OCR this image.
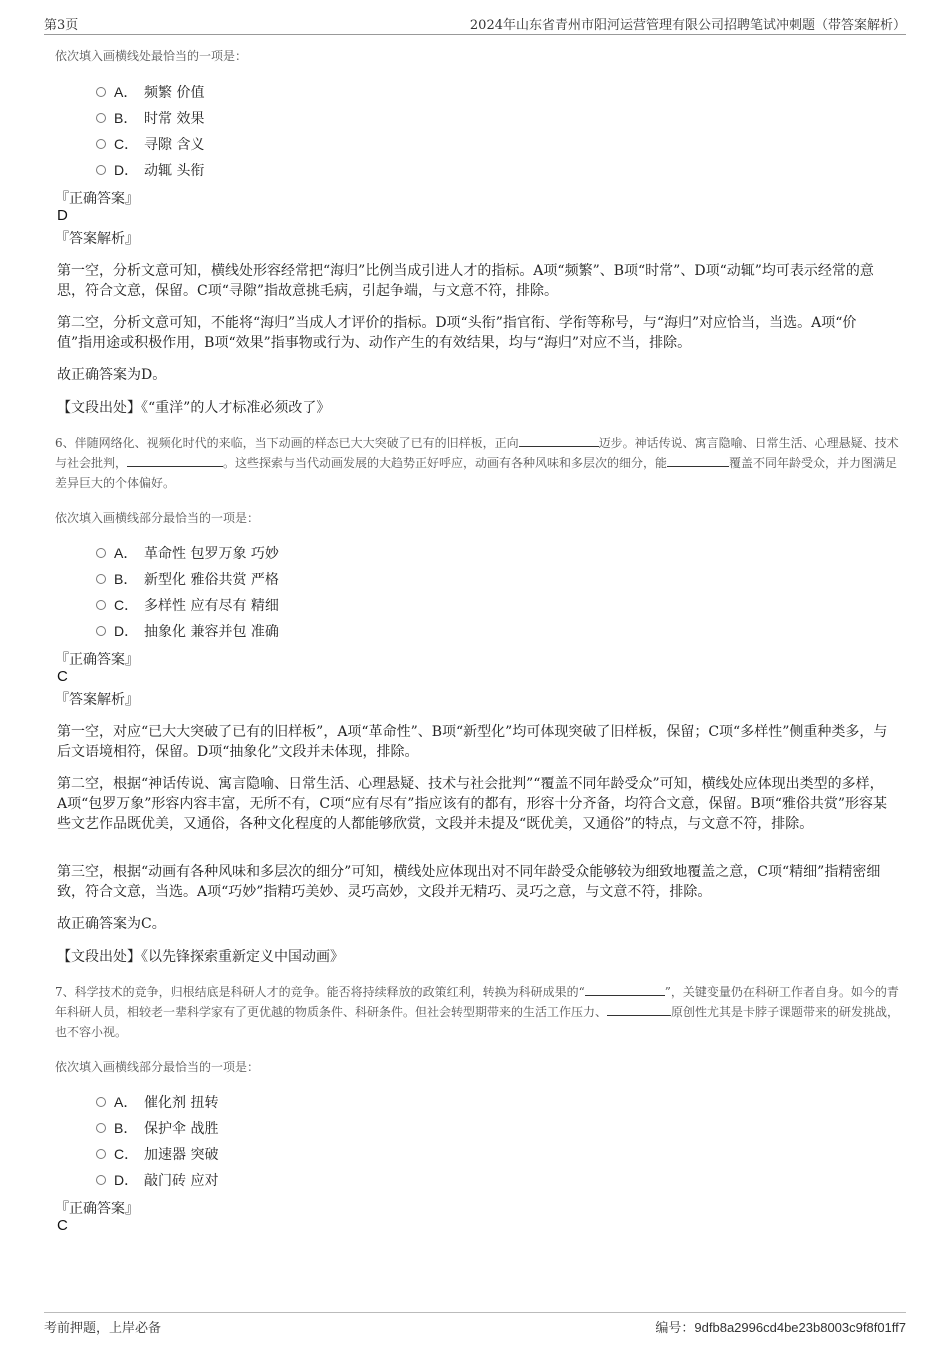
第3页	2024年山东省青州市阳河运营管理有限公司招聘笔试冲刺题（带答案解析）
依次填入画横线处最恰当的一项是：
A． 频繁 价值
B． 时常 效果
C． 寻隙 含义
D． 动辄 头衔
『正确答案』
D
『答案解析』
第一空，分析文意可知，横线处形容经常把“海归”比例当成引进人才的指标。A项“频繁”、B项“时常”、D项“动辄”均可表示经常的意思，符合文意，保留。C项“寻隙”指故意挑毛病，引起争端，与文意不符，排除。
第二空，分析文意可知，不能将“海归”当成人才评价的指标。D项“头衔”指官衔、学衔等称号，与“海归”对应恰当，当选。A项“价值”指用途或积极作用，B项“效果”指事物或行为、动作产生的有效结果，均与“海归”对应不当，排除。
故正确答案为D。
【文段出处】《“重洋”的人才标准必须改了》
6、伴随网络化、视频化时代的来临，当下动画的样态已大大突破了已有的旧样板，正向	迈步。神话传说、寓言隐喻、日常生活、心理悬疑、技术与社会批判，	。这些探索与当代动画发展的大趋势正好呼应，动画有各种风味和多层次的细分，能	覆盖不同年龄受众，并力图满足差异巨大的个体偏好。
依次填入画横线部分最恰当的一项是：
A． 革命性 包罗万象 巧妙
B． 新型化 雅俗共赏 严格
C． 多样性 应有尽有 精细
D． 抽象化 兼容并包 准确
『正确答案』
C
『答案解析』
第一空，对应“已大大突破了已有的旧样板”，A项“革命性”、B项“新型化”均可体现突破了旧样板，保留；C项“多样性”侧重种类多，与后文语境相符，保留。D项“抽象化”文段并未体现，排除。
第二空，根据“神话传说、寓言隐喻、日常生活、心理悬疑、技术与社会批判”“覆盖不同年龄受众”可知，横线处应体现出类型的多样，A项“包罗万象”形容内容丰富，无所不有，C项“应有尽有”指应该有的都有，形容十分齐备，均符合文意，保留。B项“雅俗共赏”形容某些文艺作品既优美，又通俗，各种文化程度的人都能够欣赏，文段并未提及“既优美，又通俗”的特点，与文意不符，排除。
第三空，根据“动画有各种风味和多层次的细分”可知，横线处应体现出对不同年龄受众能够较为细致地覆盖之意，C项“精细”指精密细致，符合文意，当选。A项“巧妙”指精巧美妙、灵巧高妙，文段并无精巧、灵巧之意，与文意不符，排除。
故正确答案为C。
【文段出处】《以先锋探索重新定义中国动画》
7、科学技术的竞争，归根结底是科研人才的竞争。能否将持续释放的政策红利，转换为科研成果的“	”，关键变量仍在科研工作者自身。如今的青年科研人员，相较老一辈科学家有了更优越的物质条件、科研条件。但社会转型期带来的生活工作压力、	原创性尤其是卡脖子课题带来的研发挑战，也不容小视。
依次填入画横线部分最恰当的一项是：
A． 催化剂 扭转
B． 保护伞 战胜
C． 加速器 突破
D． 敲门砖 应对
『正确答案』
C
考前押题，上岸必备	编号：9dfb8a2996cd4be23b8003c9f8f01ff7
